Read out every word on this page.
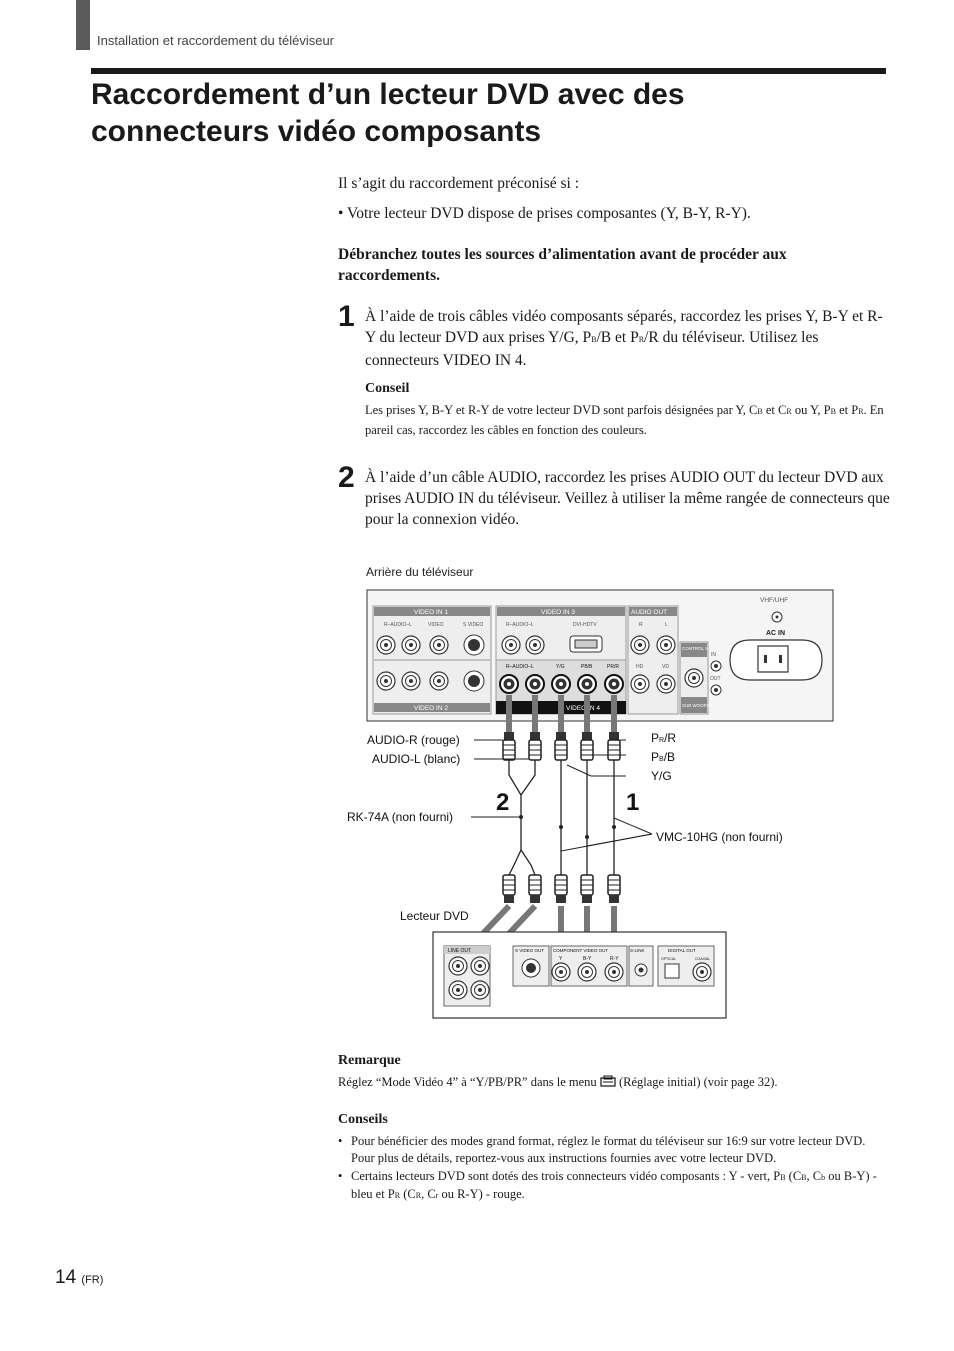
Installation et raccordement du téléviseur
Raccordement d’un lecteur DVD avec des
connecteurs vidéo composants

Il s’agit du raccordement préconisé si :

• Votre lecteur DVD dispose de prises composantes (Y, B-Y, R-Y).

Débranchez toutes les sources d’alimentation avant de procéder aux raccordements.
1 À l’aide de trois câbles vidéo composants séparés, raccordez les prises Y, B-Y et R-Y du lecteur DVD aux prises Y/G, PB/B et PR/R du téléviseur. Utilisez les connecteurs VIDEO IN 4.
Conseil
Les prises Y, B-Y et R-Y de votre lecteur DVD sont parfois désignées par Y, CB et CR ou Y, PB et PR. En pareil cas, raccordez les câbles en fonction des couleurs.
2 À l’aide d’un câble AUDIO, raccordez les prises AUDIO OUT du lecteur DVD aux prises AUDIO IN du téléviseur. Veillez à utiliser la même rangée de connecteurs que pour la connexion vidéo.
Arrière du téléviseur
VIDEO IN 1
R–AUDIO–L	VIDEO	S VIDEO
VIDEO IN 2
VIDEO IN 3
R–AUDIO–L	DVI-HDTV
R–AUDIO–L	Y/G	PB/B	PR/R
VIDEO IN 4
AUDIO OUT
R	L
HD	VD
CONTROL S
IN
OUT
SUB WOOFER
VHF/UHF
AC IN
AUDIO-R (rouge)
AUDIO-L (blanc)
PR/R
PB/B
Y/G
2	1
RK-74A (non fourni)
VMC-10HG (non fourni)
Lecteur DVD
LINE OUT	S VIDEO OUT COMPONENT VIDEO OUT
Y	B-Y	R-Y
S-LINK	DIGITAL OUT
OPTICAL	COAXIAL
Remarque
Réglez “Mode Vidéo 4” à “Y/PB/PR” dans le menu  (Réglage initial) (voir page 32).
Conseils
• Pour bénéficier des modes grand format, réglez le format du téléviseur sur 16:9 sur votre lecteur DVD. Pour plus de détails, reportez-vous aux instructions fournies avec votre lecteur DVD.
• Certains lecteurs DVD sont dotés des trois connecteurs vidéo composants : Y - vert, PB (CB, Cb ou B-Y) - bleu et PR (CR, Cr ou R-Y) - rouge.
14 (FR)
